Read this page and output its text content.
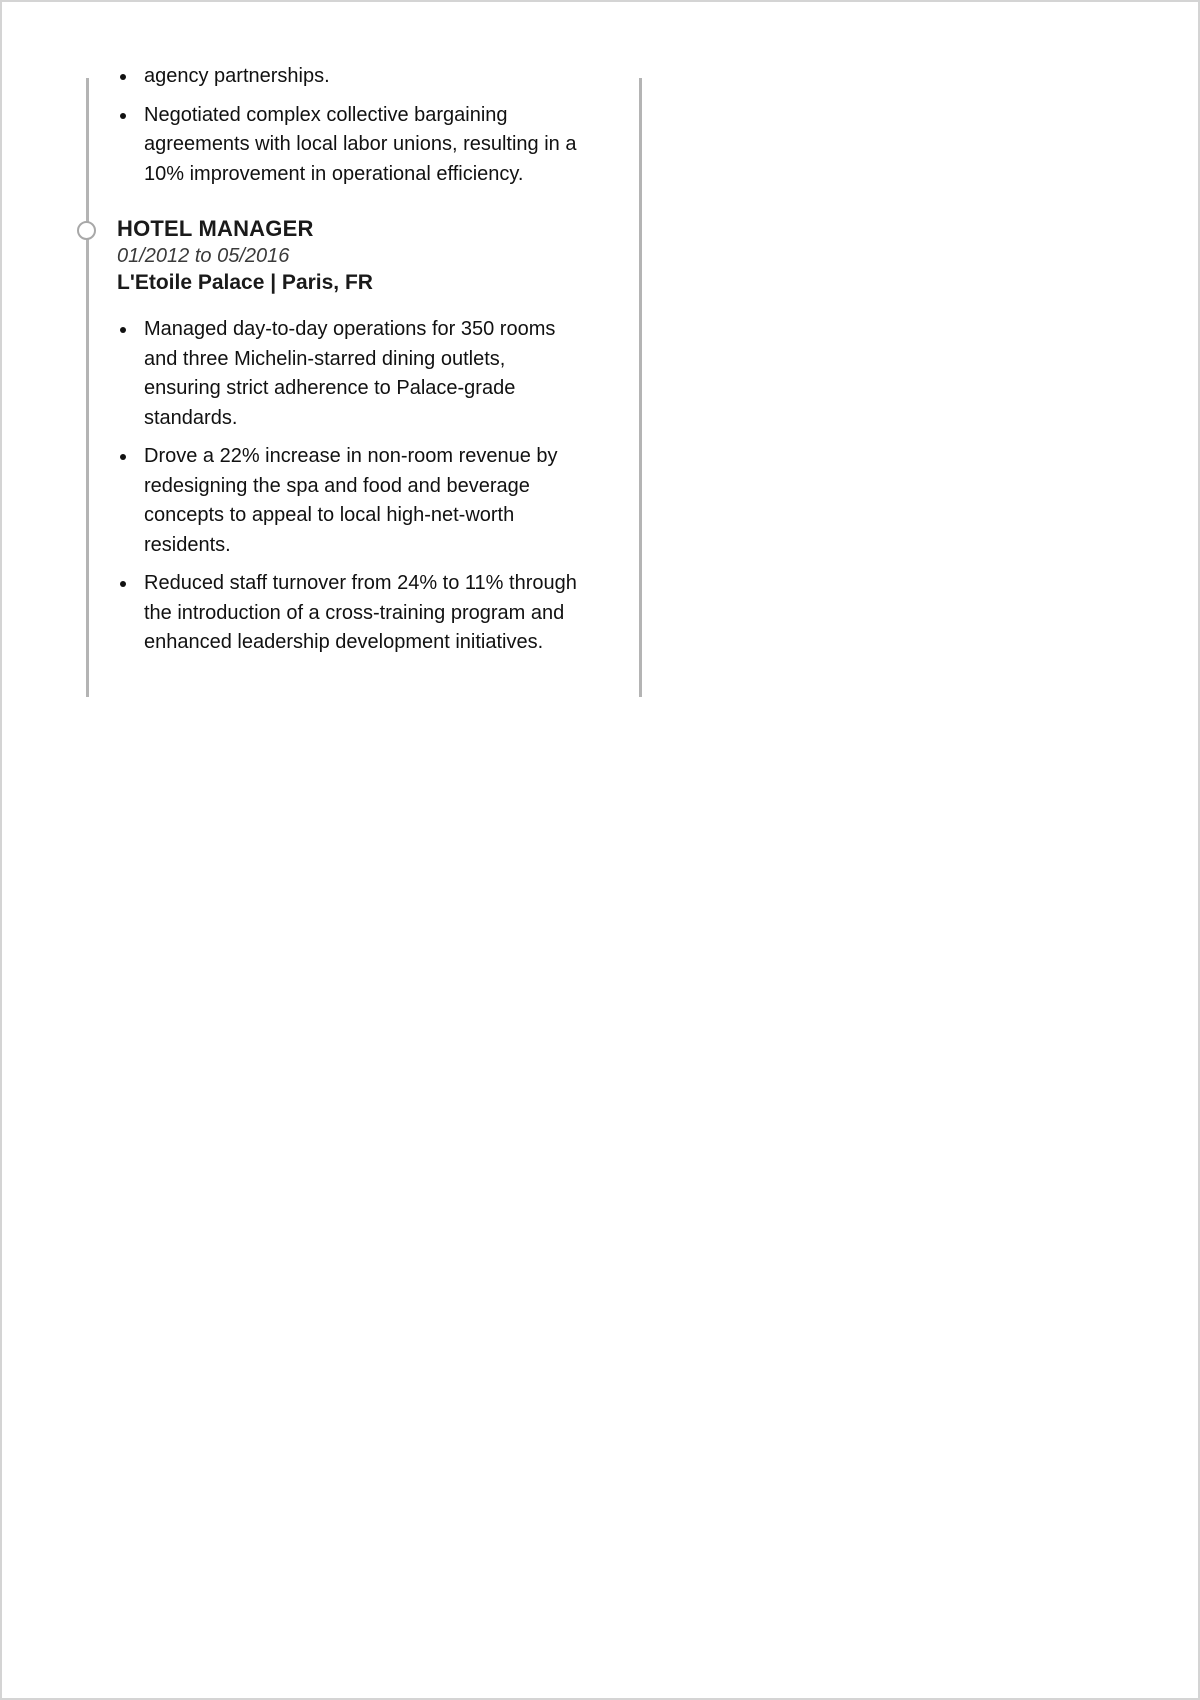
agency partnerships.
Negotiated complex collective bargaining agreements with local labor unions, resulting in a 10% improvement in operational efficiency.
HOTEL MANAGER
01/2012 to 05/2016
L'Etoile Palace | Paris, FR
Managed day-to-day operations for 350 rooms and three Michelin-starred dining outlets, ensuring strict adherence to Palace-grade standards.
Drove a 22% increase in non-room revenue by redesigning the spa and food and beverage concepts to appeal to local high-net-worth residents.
Reduced staff turnover from 24% to 11% through the introduction of a cross-training program and enhanced leadership development initiatives.
